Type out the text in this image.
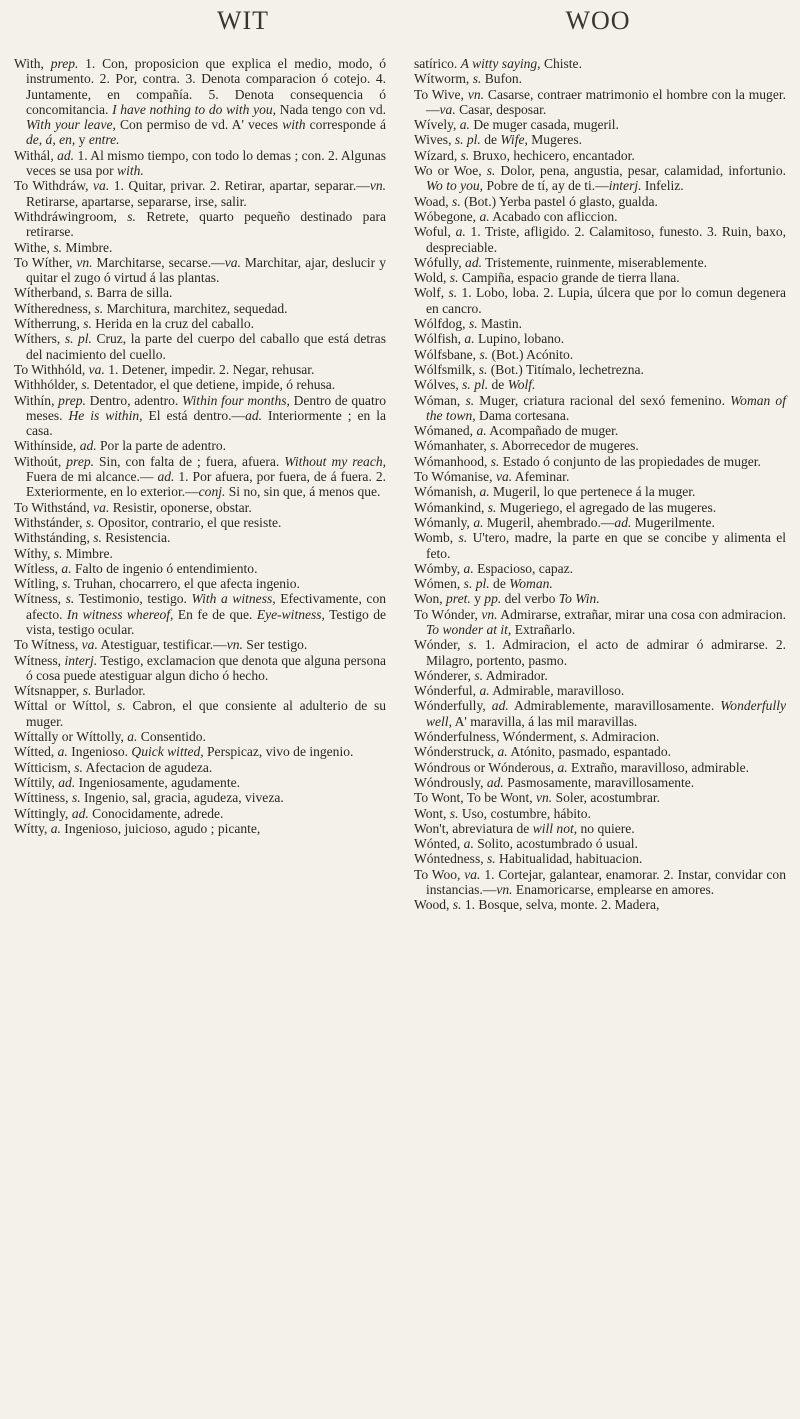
WIT	WOO
With, prep. 1. Con, proposicion que explica el medio, modo, ó instrumento. 2. Por, contra. 3. Denota comparacion ó cotejo. 4. Juntamente, en compañía. 5. Denota consequencia ó concomitancia. I have nothing to do with you, Nada tengo con vd. With your leave, Con permiso de vd. A' veces with corresponde á de, á, en, y entre.
Withál, ad. 1. Al mismo tiempo, con todo lo demas ; con. 2. Algunas veces se usa por with.
To Withdráw, va. 1. Quitar, privar. 2. Retirar, apartar, separar.—vn. Retirarse, apartarse, separarse, irse, salir.
Withdráwingroom, s. Retrete, quarto pequeño destinado para retirarse.
Withe, s. Mimbre.
To Wíther, vn. Marchitarse, secarse.—va. Marchitar, ajar, deslucir y quitar el zugo ó virtud á las plantas.
Wítherband, s. Barra de silla.
Wítheredness, s. Marchitura, marchitez, sequedad.
Wítherrung, s. Herida en la cruz del caballo.
Wíthers, s. pl. Cruz, la parte del cuerpo del caballo que está detras del nacimiento del cuello.
To Withhóld, va. 1. Detener, impedir. 2. Negar, rehusar.
Withhólder, s. Detentador, el que detiene, impide, ó rehusa.
Withín, prep. Dentro, adentro. Within four months, Dentro de quatro meses. He is within, El está dentro.—ad. Interiormente ; en la casa.
Withínside, ad. Por la parte de adentro.
Withoút, prep. Sin, con falta de ; fuera, afuera. Without my reach, Fuera de mi alcance.— ad. 1. Por afuera, por fuera, de á fuera. 2. Exteriormente, en lo exterior.—conj. Si no, sin que, á menos que.
To Withstánd, va. Resistir, oponerse, obstar.
Withstánder, s. Opositor, contrario, el que resiste.
Withstánding, s. Resistencia.
Wíthy, s. Mimbre.
Wítless, a. Falto de ingenio ó entendimiento.
Wítling, s. Truhan, chocarrero, el que afecta ingenio.
Wítness, s. Testimonio, testigo. With a witness, Efectivamente, con afecto. In witness whereof, En fe de que. Eye-witness, Testigo de vista, testigo ocular.
To Wítness, va. Atestiguar, testificar.—vn. Ser testigo.
Wítness, interj. Testigo, exclamacion que denota que alguna persona ó cosa puede atestiguar algun dicho ó hecho.
Wítsnapper, s. Burlador.
Wíttal or Wíttol, s. Cabron, el que consiente al adulterio de su muger.
Wíttally or Wíttolly, a. Consentido.
Wítted, a. Ingenioso. Quick witted, Perspicaz, vivo de ingenio.
Wítticism, s. Afectacion de agudeza.
Wíttily, ad. Ingeniosamente, agudamente.
Wíttiness, s. Ingenio, sal, gracia, agudeza, viveza.
Wíttingly, ad. Conocidamente, adrede.
Wítty, a. Ingenioso, juicioso, agudo ; picante,
satírico. A witty saying, Chiste.
Wítworm, s. Bufon.
To Wive, vn. Casarse, contraer matrimonio el hombre con la muger.—va. Casar, desposar.
Wívely, a. De muger casada, mugeril.
Wives, s. pl. de Wife, Mugeres.
Wízard, s. Bruxo, hechicero, encantador.
Wo or Woe, s. Dolor, pena, angustia, pesar, calamidad, infortunio. Wo to you, Pobre de tí, ay de ti.—interj. Infeliz.
Woad, s. (Bot.) Yerba pastel ó glasto, gualda.
Wóbegone, a. Acabado con afliccion.
Woful, a. 1. Triste, afligido. 2. Calamitoso, funesto. 3. Ruin, baxo, despreciable.
Wófully, ad. Tristemente, ruinmente, miserablemente.
Wold, s. Campiña, espacio grande de tierra llana.
Wolf, s. 1. Lobo, loba. 2. Lupia, úlcera que por lo comun degenera en cancro.
Wólfdog, s. Mastin.
Wólfish, a. Lupino, lobano.
Wólfsbane, s. (Bot.) Acónito.
Wólfsmilk, s. (Bot.) Titímalo, lechetrezna.
Wólves, s. pl. de Wolf.
Wóman, s. Muger, criatura racional del sexó femenino. Woman of the town, Dama cortesana.
Wómaned, a. Acompañado de muger.
Wómanhater, s. Aborrecedor de mugeres.
Wómanhood, s. Estado ó conjunto de las propiedades de muger.
To Wómanise, va. Afeminar.
Wómanish, a. Mugeril, lo que pertenece á la muger.
Wómankind, s. Mugeriego, el agregado de las mugeres.
Wómanly, a. Mugeril, ahembrado.—ad. Mugerilmente.
Womb, s. U'tero, madre, la parte en que se concibe y alimenta el feto.
Wómby, a. Espacioso, capaz.
Wómen, s. pl. de Woman.
Won, pret. y pp. del verbo To Win.
To Wónder, vn. Admirarse, extrañar, mirar una cosa con admiracion. To wonder at it, Extrañarlo.
Wónder, s. 1. Admiracion, el acto de admirar ó admirarse. 2. Milagro, portento, pasmo.
Wónderer, s. Admirador.
Wónderful, a. Admirable, maravilloso.
Wónderfully, ad. Admirablemente, maravillosamente. Wonderfully well, A' maravilla, á las mil maravillas.
Wónderfulness, Wónderment, s. Admiracion.
Wónderstruck, a. Atónito, pasmado, espantado.
Wóndrous or Wónderous, a. Extraño, maravilloso, admirable.
Wóndrously, ad. Pasmosamente, maravillosamente.
To Wont, To be Wont, vn. Soler, acostumbrar.
Wont, s. Uso, costumbre, hábito.
Won't, abreviatura de will not, no quiere.
Wónted, a. Solito, acostumbrado ó usual.
Wóntedness, s. Habitualidad, habituacion.
To Woo, va. 1. Cortejar, galantear, enamorar. 2. Instar, convidar con instancias.—vn. Enamoricarse, emplearse en amores.
Wood, s. 1. Bosque, selva, monte. 2. Madera,
